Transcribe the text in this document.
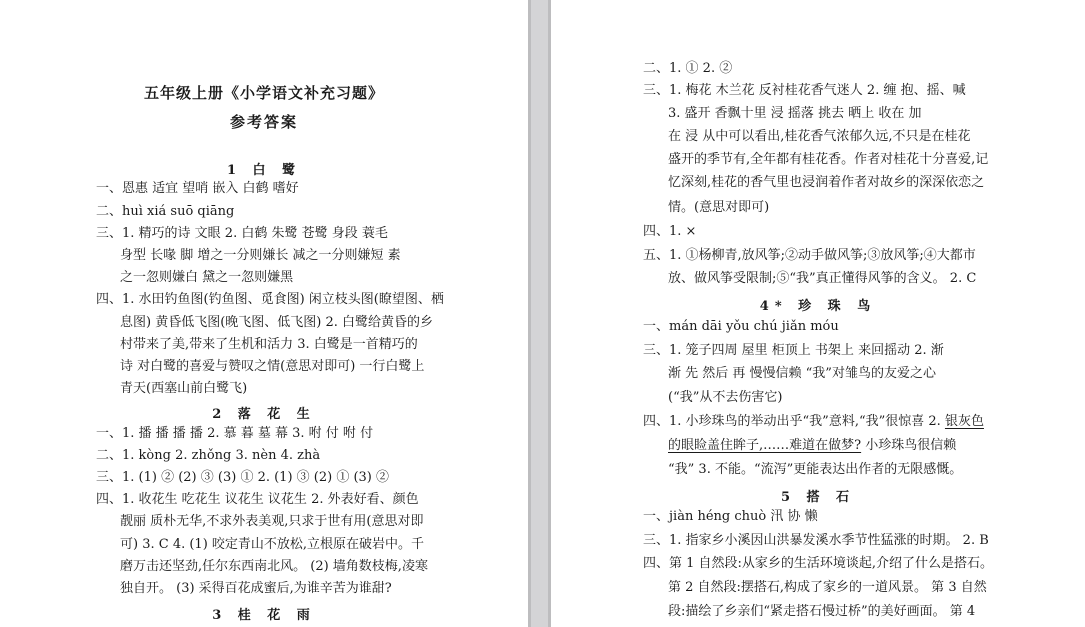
五年级上册《小学语文补充习题》
参考答案
1 白 鹭
一、恩惠 适宜 望哨 嵌入 白鹤 嗜好
二、huì xiá suō qiāng
三、1. 精巧的诗 文眼 2. 白鹤 朱鹭 苍鹭 身段 蓑毛
身型 长喙 脚 增之一分则嫌长 减之一分则嫌短 素
之一忽则嫌白 黛之一忽则嫌黑
四、1. 水田钓鱼图(钓鱼图、觅食图) 闲立枝头图(瞭望图、栖
息图) 黄昏低飞图(晚飞图、低飞图) 2. 白鹭给黄昏的乡
村带来了美,带来了生机和活力 3. 白鹭是一首精巧的
诗 对白鹭的喜爱与赞叹之情(意思对即可) 一行白鹭上
青天(西塞山前白鹭飞)
2 落 花 生
一、1. 播 播 播 播 2. 慕 暮 墓 幕 3. 咐 付 咐 付
二、1. kòng 2. zhǒng 3. nèn 4. zhà
三、1. (1) ② (2) ③ (3) ① 2. (1) ③ (2) ① (3) ②
四、1. 收花生 吃花生 议花生 议花生 2. 外表好看、颜色
靓丽 质朴无华,不求外表美观,只求于世有用(意思对即
可) 3. C 4. (1) 咬定青山不放松,立根原在破岩中。千
磨万击还坚劲,任尔东西南北风。 (2) 墙角数枝梅,凌寒
独自开。 (3) 采得百花成蜜后,为谁辛苦为谁甜?
3 桂 花 雨
二、1. ① 2. ②
三、1. 梅花 木兰花 反衬桂花香气迷人 2. 缠 抱、摇、喊
3. 盛开 香飘十里 浸 摇落 挑去 晒上 收在 加
在 浸 从中可以看出,桂花香气浓郁久远,不只是在桂花
盛开的季节有,全年都有桂花香。作者对桂花十分喜爱,记
忆深刻,桂花的香气里也浸润着作者对故乡的深深依恋之
情。(意思对即可)
四、1. ×
五、1. ①杨柳青,放风筝;②动手做风筝;③放风筝;④大都市
放、做风筝受限制;⑤“我”真正懂得风筝的含义。 2. C
4* 珍 珠 鸟
一、mán dāi yǒu chú jiǎn móu
三、1. 笼子四周 屋里 柜顶上 书架上 来回摇动 2. 渐
渐 先 然后 再 慢慢信赖 “我”对雏鸟的友爱之心
(“我”从不去伤害它)
四、1. 小珍珠鸟的举动出乎“我”意料,“我”很惊喜 2. 银灰色
的眼睑盖住眸子,……难道在做梦? 小珍珠鸟很信赖
“我” 3. 不能。“流泻”更能表达出作者的无限感慨。
5 搭 石
一、jiàn héng chuò 汛 协 懒
三、1. 指家乡小溪因山洪暴发溪水季节性猛涨的时期。 2. B
四、第 1 自然段:从家乡的生活环境谈起,介绍了什么是搭石。
第 2 自然段:摆搭石,构成了家乡的一道风景。 第 3 自然
段:描绘了乡亲们“紧走搭石慢过桥”的美好画面。 第 4
